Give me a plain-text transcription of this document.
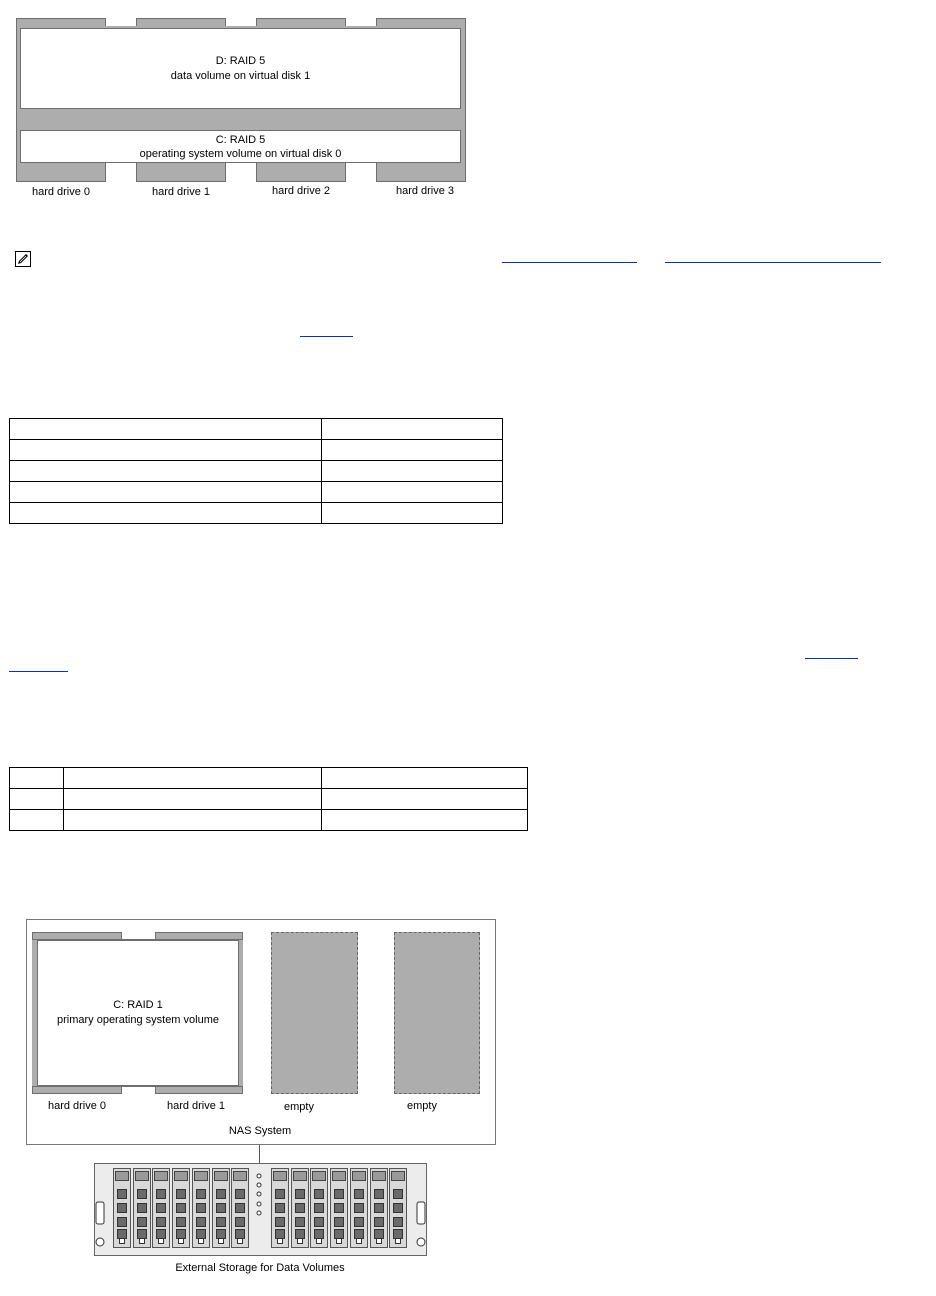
D: RAID 5
data volume on virtual disk 1
C: RAID 5
operating system volume on virtual disk 0
hard drive 0	hard drive 1	hard drive 2	hard drive 3

C: RAID 1
primary operating system volume
hard drive 0	hard drive 1	empty	empty
NAS System
External Storage for Data Volumes
